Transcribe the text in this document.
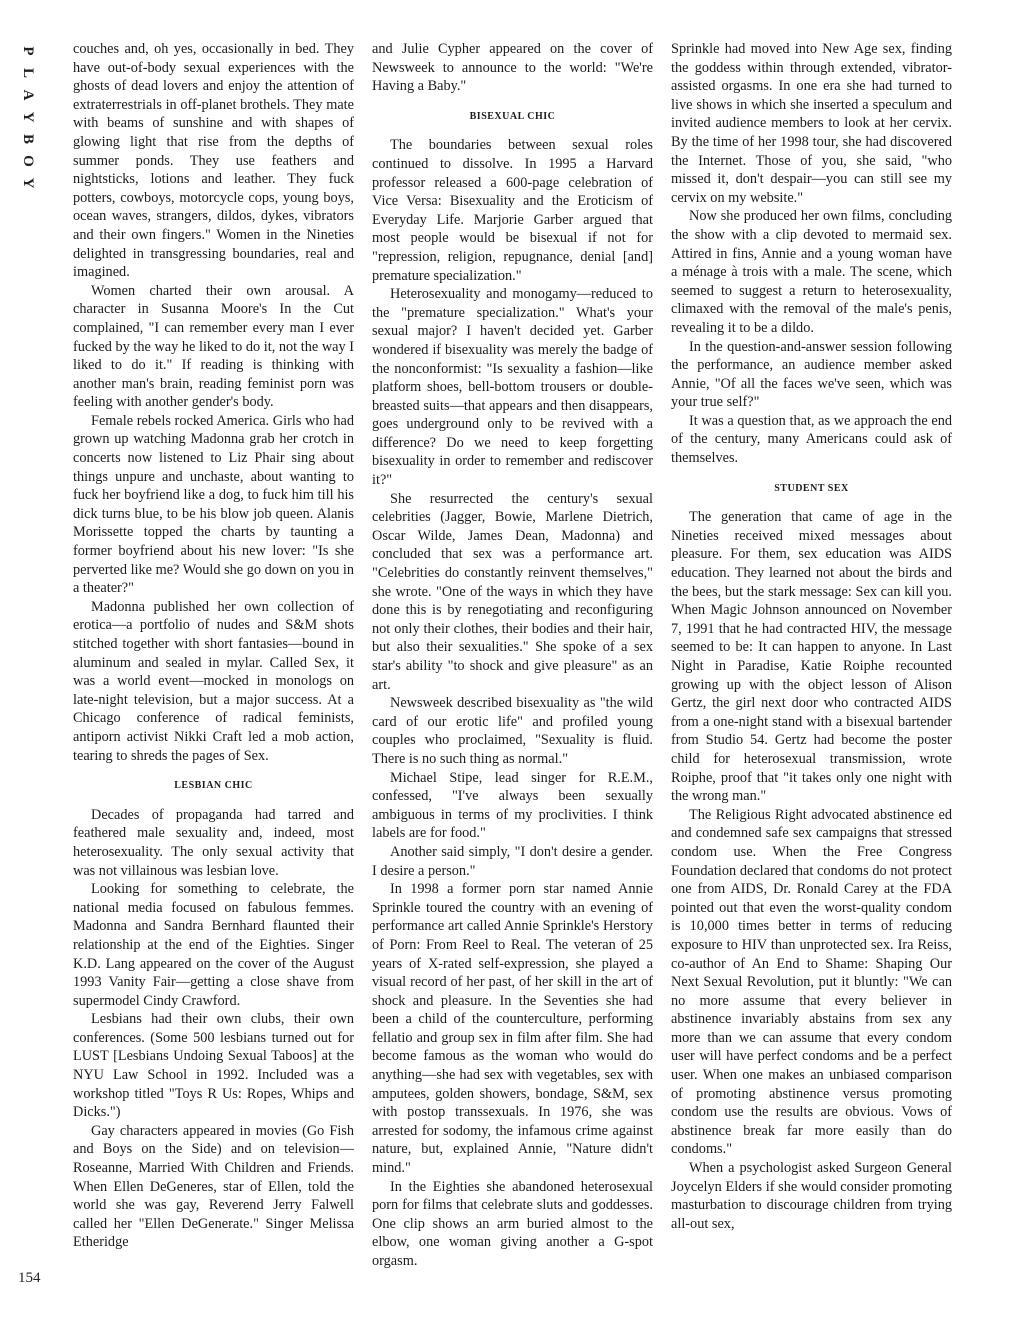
P
L
A
Y
B
O
Y
154

couches and, oh yes, occasionally in bed. They have out-of-body sexual experiences with the ghosts of dead lovers and enjoy the attention of extraterrestrials in off-planet brothels. They mate with beams of sunshine and with shapes of glowing light that rise from the depths of summer ponds. They use feathers and nightsticks, lotions and leather. They fuck potters, cowboys, motorcycle cops, young boys, ocean waves, strangers, dildos, dykes, vibrators and their own fingers." Women in the Nineties delighted in transgressing boundaries, real and imagined.

Women charted their own arousal. A character in Susanna Moore's In the Cut complained, "I can remember every man I ever fucked by the way he liked to do it, not the way I liked to do it." If reading is thinking with another man's brain, reading feminist porn was feeling with another gender's body.

Female rebels rocked America. Girls who had grown up watching Madonna grab her crotch in concerts now listened to Liz Phair sing about things unpure and unchaste, about wanting to fuck her boyfriend like a dog, to fuck him till his dick turns blue, to be his blow job queen. Alanis Morissette topped the charts by taunting a former boyfriend about his new lover: "Is she perverted like me? Would she go down on you in a theater?"

Madonna published her own collection of erotica—a portfolio of nudes and S&M shots stitched together with short fantasies—bound in aluminum and sealed in mylar. Called Sex, it was a world event—mocked in monologs on late-night television, but a major success. At a Chicago conference of radical feminists, antiporn activist Nikki Craft led a mob action, tearing to shreds the pages of Sex.

LESBIAN CHIC

Decades of propaganda had tarred and feathered male sexuality and, indeed, most heterosexuality. The only sexual activity that was not villainous was lesbian love.

Looking for something to celebrate, the national media focused on fabulous femmes. Madonna and Sandra Bernhard flaunted their relationship at the end of the Eighties. Singer K.D. Lang appeared on the cover of the August 1993 Vanity Fair—getting a close shave from supermodel Cindy Crawford.

Lesbians had their own clubs, their own conferences. (Some 500 lesbians turned out for LUST [Lesbians Undoing Sexual Taboos] at the NYU Law School in 1992. Included was a workshop titled "Toys R Us: Ropes, Whips and Dicks.")

Gay characters appeared in movies (Go Fish and Boys on the Side) and on television—Roseanne, Married With Children and Friends. When Ellen DeGeneres, star of Ellen, told the world she was gay, Reverend Jerry Falwell called her "Ellen DeGenerate." Singer Melissa Etheridge

and Julie Cypher appeared on the cover of Newsweek to announce to the world: "We're Having a Baby."

BISEXUAL CHIC

The boundaries between sexual roles continued to dissolve. In 1995 a Harvard professor released a 600-page celebration of Vice Versa: Bisexuality and the Eroticism of Everyday Life. Marjorie Garber argued that most people would be bisexual if not for "repression, religion, repugnance, denial [and] premature specialization."

Heterosexuality and monogamy—reduced to the "premature specialization." What's your sexual major? I haven't decided yet. Garber wondered if bisexuality was merely the badge of the nonconformist: "Is sexuality a fashion—like platform shoes, bell-bottom trousers or double-breasted suits—that appears and then disappears, goes underground only to be revived with a difference? Do we need to keep forgetting bisexuality in order to remember and rediscover it?"

She resurrected the century's sexual celebrities (Jagger, Bowie, Marlene Dietrich, Oscar Wilde, James Dean, Madonna) and concluded that sex was a performance art. "Celebrities do constantly reinvent themselves," she wrote. "One of the ways in which they have done this is by renegotiating and reconfiguring not only their clothes, their bodies and their hair, but also their sexualities." She spoke of a sex star's ability "to shock and give pleasure" as an art.

Newsweek described bisexuality as "the wild card of our erotic life" and profiled young couples who proclaimed, "Sexuality is fluid. There is no such thing as normal."

Michael Stipe, lead singer for R.E.M., confessed, "I've always been sexually ambiguous in terms of my proclivities. I think labels are for food."

Another said simply, "I don't desire a gender. I desire a person."

In 1998 a former porn star named Annie Sprinkle toured the country with an evening of performance art called Annie Sprinkle's Herstory of Porn: From Reel to Real. The veteran of 25 years of X-rated self-expression, she played a visual record of her past, of her skill in the art of shock and pleasure. In the Seventies she had been a child of the counterculture, performing fellatio and group sex in film after film. She had become famous as the woman who would do anything—she had sex with vegetables, sex with amputees, golden showers, bondage, S&M, sex with postop transsexuals. In 1976, she was arrested for sodomy, the infamous crime against nature, but, explained Annie, "Nature didn't mind."

In the Eighties she abandoned heterosexual porn for films that celebrate sluts and goddesses. One clip shows an arm buried almost to the elbow, one woman giving another a G-spot orgasm.

Sprinkle had moved into New Age sex, finding the goddess within through extended, vibrator-assisted orgasms. In one era she had turned to live shows in which she inserted a speculum and invited audience members to look at her cervix. By the time of her 1998 tour, she had discovered the Internet. Those of you, she said, "who missed it, don't despair—you can still see my cervix on my website."

Now she produced her own films, concluding the show with a clip devoted to mermaid sex. Attired in fins, Annie and a young woman have a ménage à trois with a male. The scene, which seemed to suggest a return to heterosexuality, climaxed with the removal of the male's penis, revealing it to be a dildo.

In the question-and-answer session following the performance, an audience member asked Annie, "Of all the faces we've seen, which was your true self?"

It was a question that, as we approach the end of the century, many Americans could ask of themselves.

STUDENT SEX

The generation that came of age in the Nineties received mixed messages about pleasure. For them, sex education was AIDS education. They learned not about the birds and the bees, but the stark message: Sex can kill you. When Magic Johnson announced on November 7, 1991 that he had contracted HIV, the message seemed to be: It can happen to anyone. In Last Night in Paradise, Katie Roiphe recounted growing up with the object lesson of Alison Gertz, the girl next door who contracted AIDS from a one-night stand with a bisexual bartender from Studio 54. Gertz had become the poster child for heterosexual transmission, wrote Roiphe, proof that "it takes only one night with the wrong man."

The Religious Right advocated abstinence ed and condemned safe sex campaigns that stressed condom use. When the Free Congress Foundation declared that condoms do not protect one from AIDS, Dr. Ronald Carey at the FDA pointed out that even the worst-quality condom is 10,000 times better in terms of reducing exposure to HIV than unprotected sex. Ira Reiss, co-author of An End to Shame: Shaping Our Next Sexual Revolution, put it bluntly: "We can no more assume that every believer in abstinence invariably abstains from sex any more than we can assume that every condom user will have perfect condoms and be a perfect user. When one makes an unbiased comparison of promoting abstinence versus promoting condom use the results are obvious. Vows of abstinence break far more easily than do condoms."

When a psychologist asked Surgeon General Joycelyn Elders if she would consider promoting masturbation to discourage children from trying all-out sex,
